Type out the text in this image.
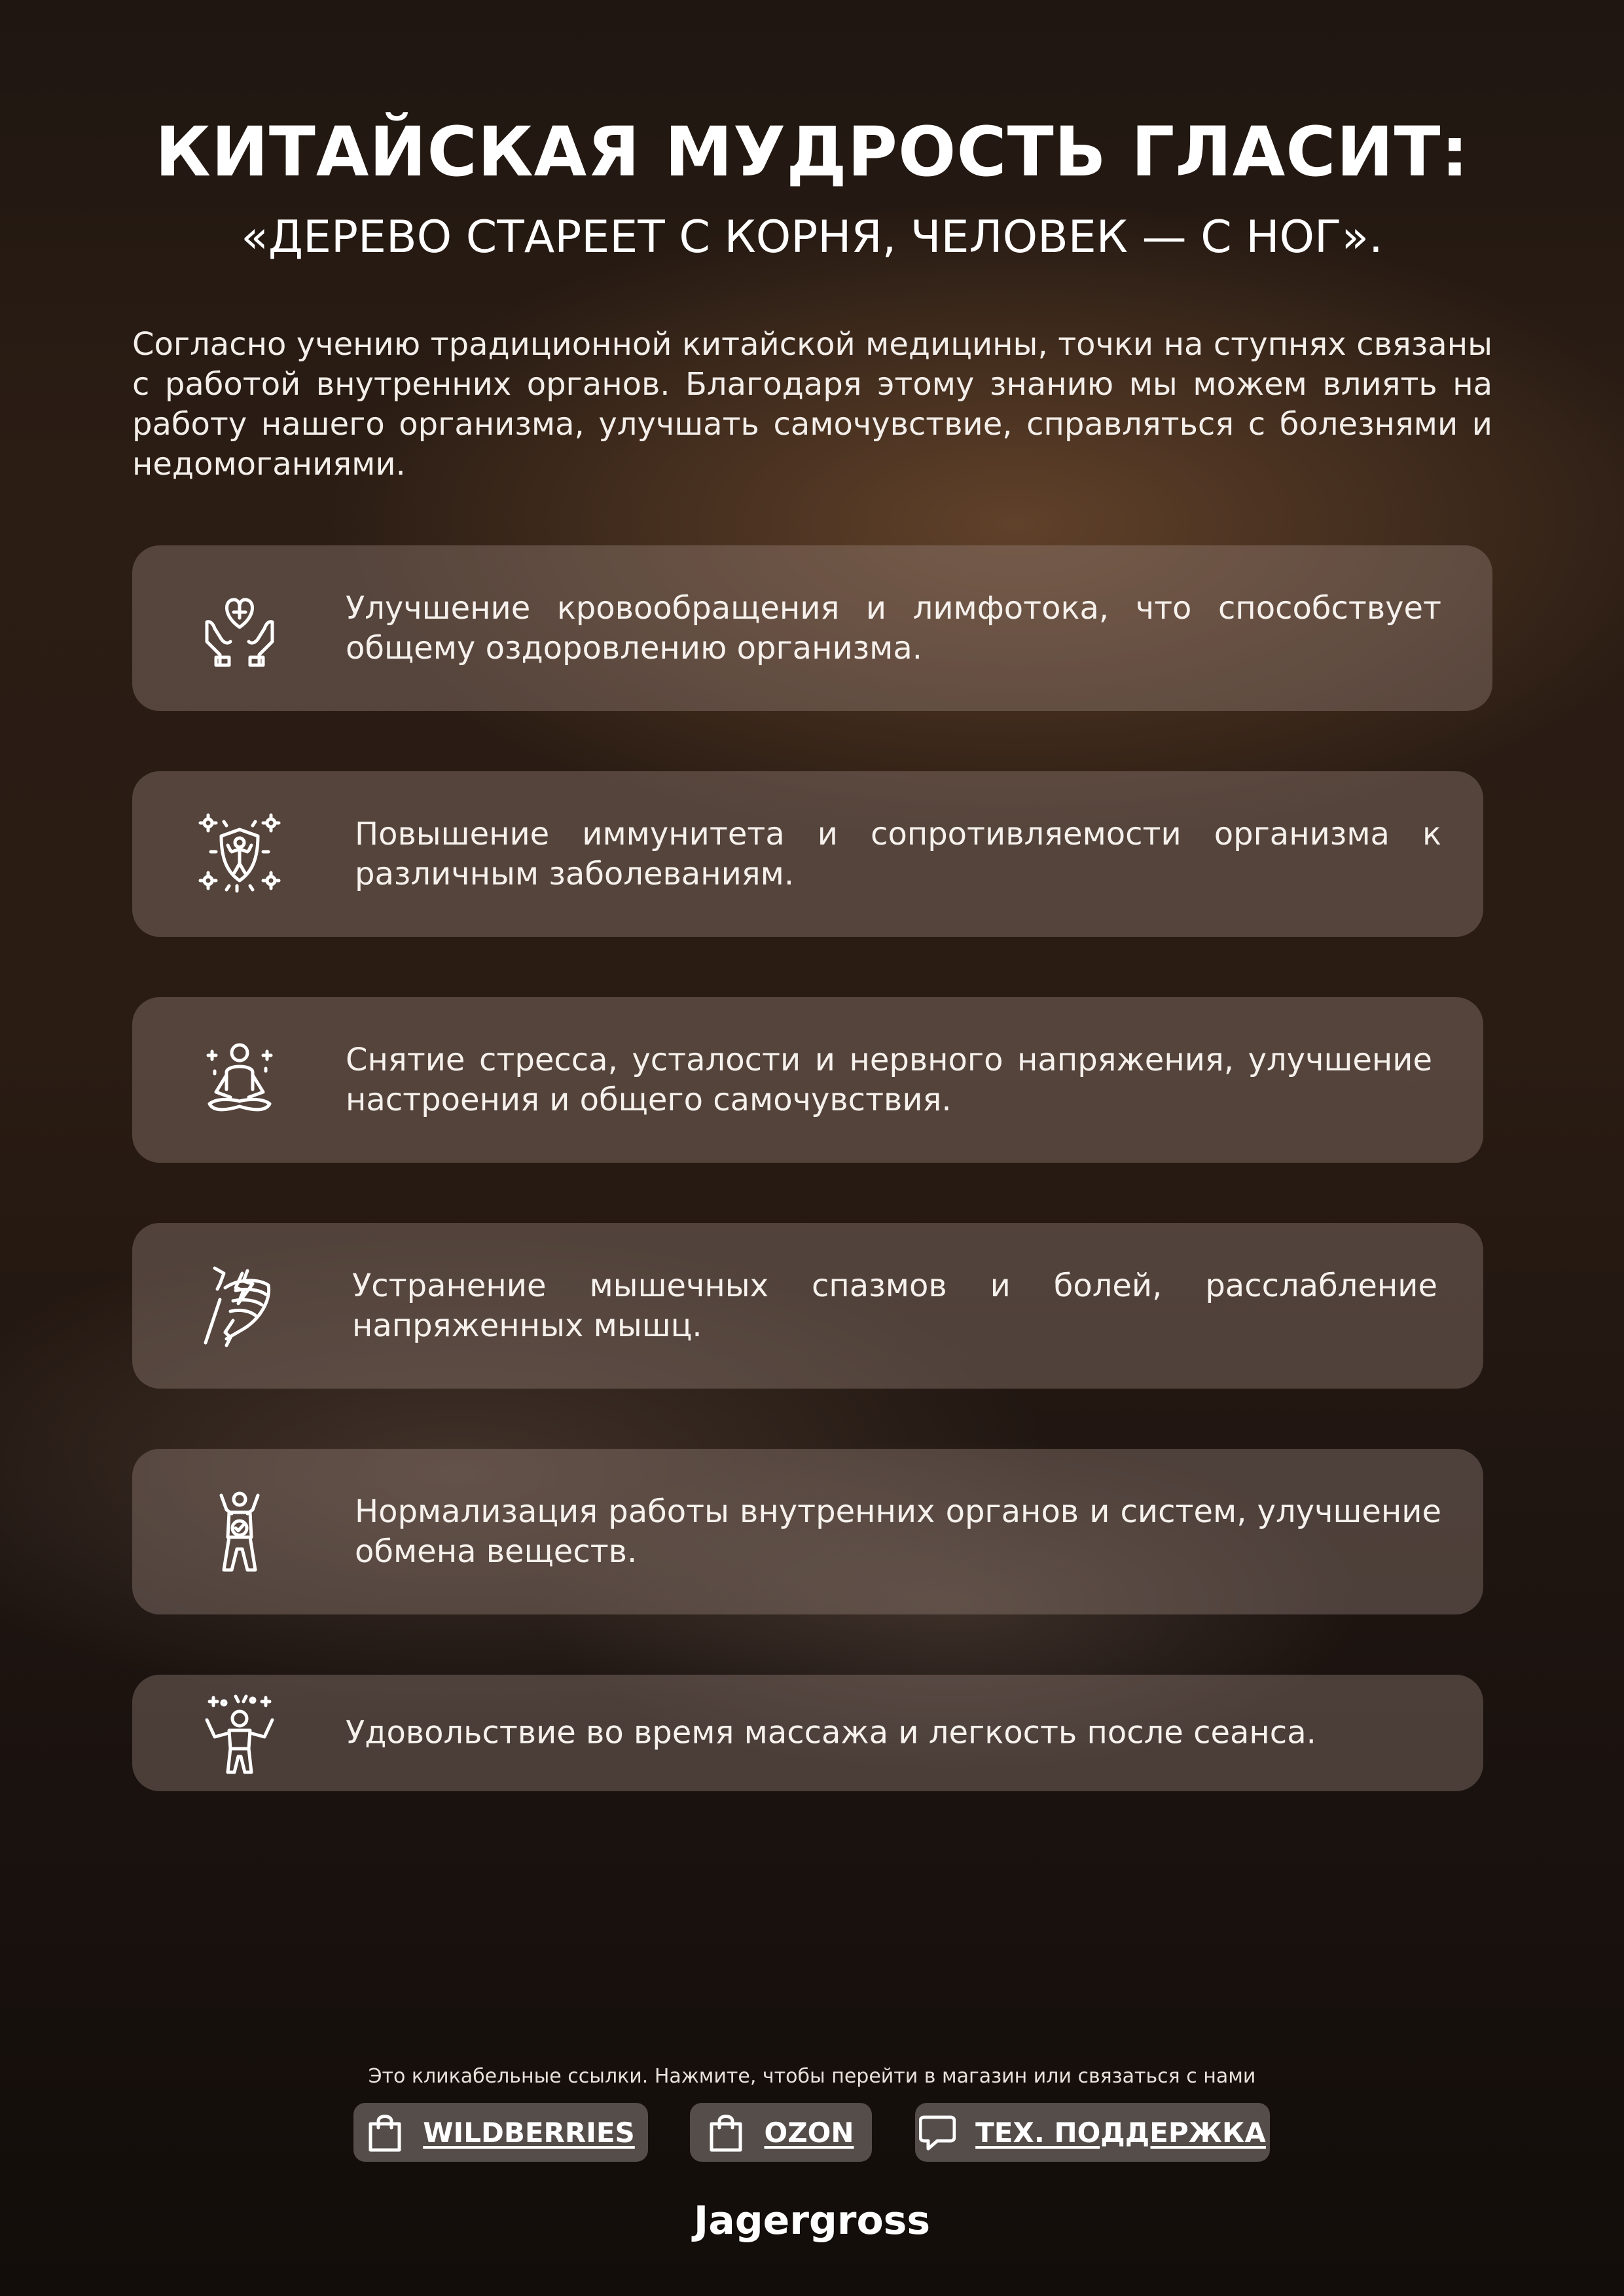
КИТАЙСКАЯ МУДРОСТЬ ГЛАСИТ:
«ДЕРЕВО СТАРЕЕТ С КОРНЯ, ЧЕЛОВЕК — С НОГ».
Согласно учению традиционной китайской медицины, точки на ступнях связаны с работой внутренних органов. Благодаря этому знанию мы можем влиять на работу нашего организма, улучшать самочувствие, справляться с болезнями и недомоганиями.
Улучшение кровообращения и лимфотока, что способствует общему оздоровлению организма.
Повышение иммунитета и сопротивляемости организма к различным заболеваниям.
Снятие стресса, усталости и нервного напряжения, улучшение настроения и общего самочувствия.
Устранение мышечных спазмов и болей, расслабление напряженных мышц.
Нормализация работы внутренних органов и систем, улучшение обмена веществ.
Удовольствие во время массажа и легкость после сеанса.
Это кликабельные ссылки. Нажмите, чтобы перейти в магазин или связаться с нами
WILDBERRIES	OZON	ТЕХ. ПОДДЕРЖКА
Jagergross
